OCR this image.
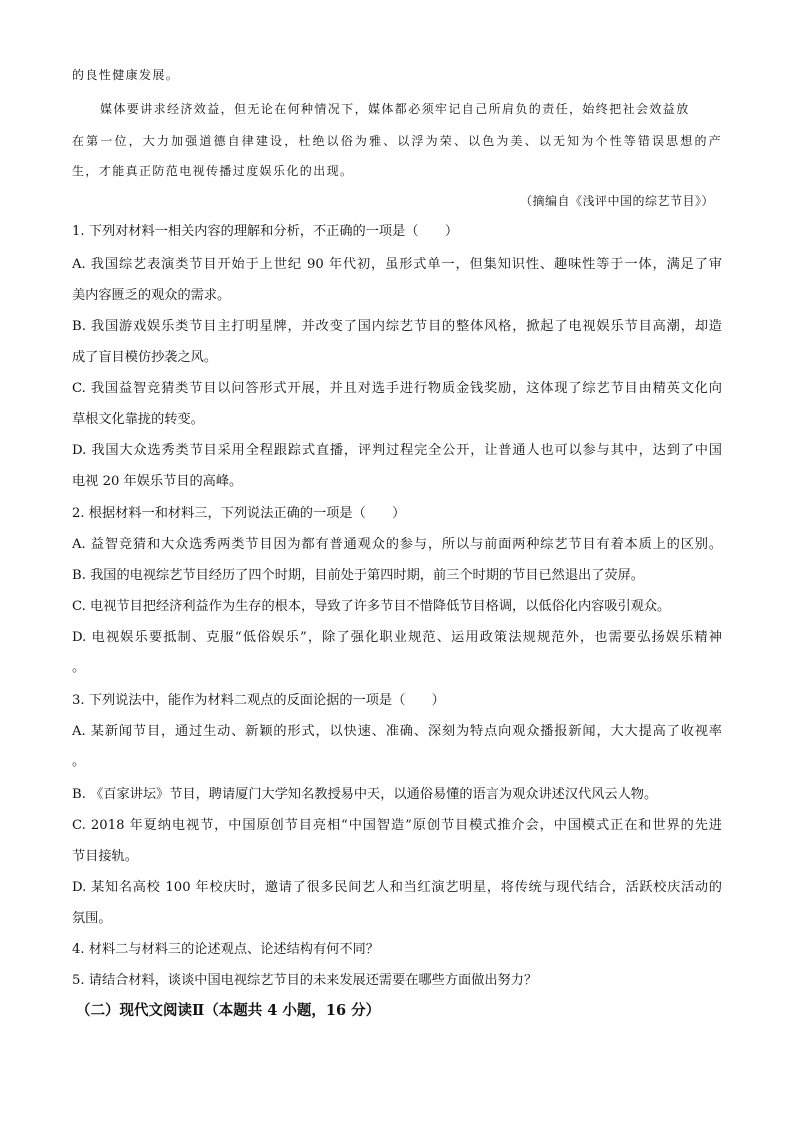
的良性健康发展。
媒体要讲求经济效益，但无论在何种情况下，媒体都必须牢记自己所肩负的责任，始终把社会效益放
在第一位，大力加强道德自律建设，杜绝以俗为雅、以浮为荣、以色为美、以无知为个性等错误思想的产
生，才能真正防范电视传播过度娱乐化的出现。
（摘编自《浅评中国的综艺节目》）
1. 下列对材料一相关内容的理解和分析，不正确的一项是（　　）
A. 我国综艺表演类节目开始于上世纪 90 年代初，虽形式单一，但集知识性、趣味性等于一体，满足了审
美内容匮乏的观众的需求。
B. 我国游戏娱乐类节目主打明星牌，并改变了国内综艺节目的整体风格，掀起了电视娱乐节目高潮，却造
成了盲目模仿抄袭之风。
C. 我国益智竞猜类节目以问答形式开展，并且对选手进行物质金钱奖励，这体现了综艺节目由精英文化向
草根文化靠拢的转变。
D. 我国大众选秀类节目采用全程跟踪式直播，评判过程完全公开，让普通人也可以参与其中，达到了中国
电视 20 年娱乐节目的高峰。
2. 根据材料一和材料三，下列说法正确的一项是（　　）
A. 益智竞猜和大众选秀两类节目因为都有普通观众的参与，所以与前面两种综艺节目有着本质上的区别。
B. 我国的电视综艺节目经历了四个时期，目前处于第四时期，前三个时期的节目已然退出了荧屏。
C. 电视节目把经济利益作为生存的根本，导致了许多节目不惜降低节目格调，以低俗化内容吸引观众。
D. 电视娱乐要抵制、克服“低俗娱乐”，除了强化职业规范、运用政策法规规范外，也需要弘扬娱乐精神
。
3. 下列说法中，能作为材料二观点的反面论据的一项是（　　）
A. 某新闻节目，通过生动、新颖的形式，以快速、准确、深刻为特点向观众播报新闻，大大提高了收视率
。
B. 《百家讲坛》节目，聘请厦门大学知名教授易中天，以通俗易懂的语言为观众讲述汉代风云人物。
C. 2018 年夏纳电视节，中国原创节目亮相“中国智造”原创节目模式推介会，中国模式正在和世界的先进
节目接轨。
D. 某知名高校 100 年校庆时，邀请了很多民间艺人和当红演艺明星，将传统与现代结合，活跃校庆活动的
氛围。
4. 材料二与材料三的论述观点、论述结构有何不同？
5. 请结合材料，谈谈中国电视综艺节目的未来发展还需要在哪些方面做出努力？
（二）现代文阅读Ⅱ（本题共 4 小题，16 分）
